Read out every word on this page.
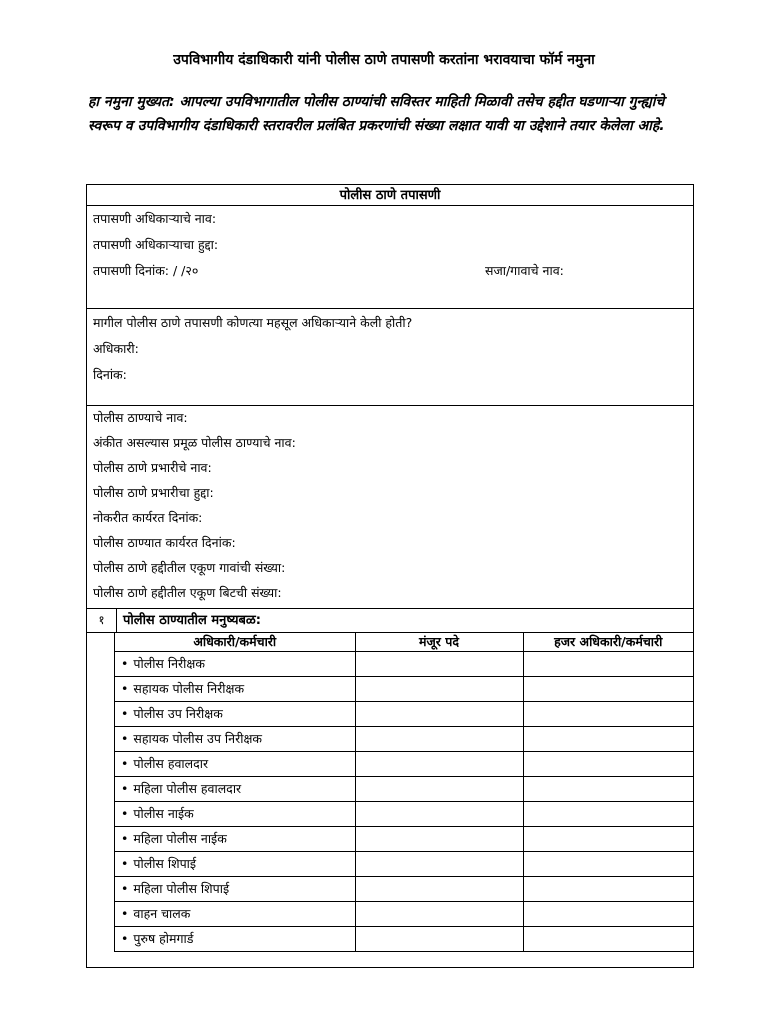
उपविभागीय दंडाधिकारी यांनी पोलीस ठाणे तपासणी करतांना भरावयाचा फॉर्म नमुना
हा नमुना मुख्यत: आपल्या उपविभागातील पोलीस ठाण्यांची सविस्तर माहिती मिळावी तसेच हद्दीत घडणाऱ्या गुन्ह्यांचे स्वरूप व उपविभागीय दंडाधिकारी स्तरावरील प्रलंबित प्रकरणांची संख्या लक्षात यावी या उद्देशाने तयार केलेला आहे.
पोलीस ठाणे तपासणी
तपासणी अधिकाऱ्याचे नाव:
तपासणी अधिकाऱ्याचा हुद्दा:
तपासणी दिनांक: / /२०	सजा/गावाचे नाव:
मागील पोलीस ठाणे तपासणी कोणत्या महसूल अधिकाऱ्याने केली होती?
अधिकारी:
दिनांक:
पोलीस ठाण्याचे नाव:
अंकीत असल्यास प्रमूळ पोलीस ठाण्याचे नाव:
पोलीस ठाणे प्रभारीचे नाव:
पोलीस ठाणे प्रभारीचा हुद्दा:
नोकरीत कार्यरत दिनांक:
पोलीस ठाण्यात कार्यरत दिनांक:
पोलीस ठाणे हद्दीतील एकूण गावांची संख्या:
पोलीस ठाणे हद्दीतील एकूण बिटची संख्या:
१	पोलीस ठाण्यातील मनुष्यबळ:
अधिकारी/कर्मचारी	मंजूर पदे	हजर अधिकारी/कर्मचारी
• पोलीस निरीक्षक		
• सहायक पोलीस निरीक्षक		
• पोलीस उप निरीक्षक		
• सहायक पोलीस उप निरीक्षक		
• पोलीस हवालदार		
• महिला पोलीस हवालदार		
• पोलीस नाईक		
• महिला पोलीस नाईक		
• पोलीस शिपाई		
• महिला पोलीस शिपाई		
• वाहन चालक		
• पुरुष होमगार्ड		
